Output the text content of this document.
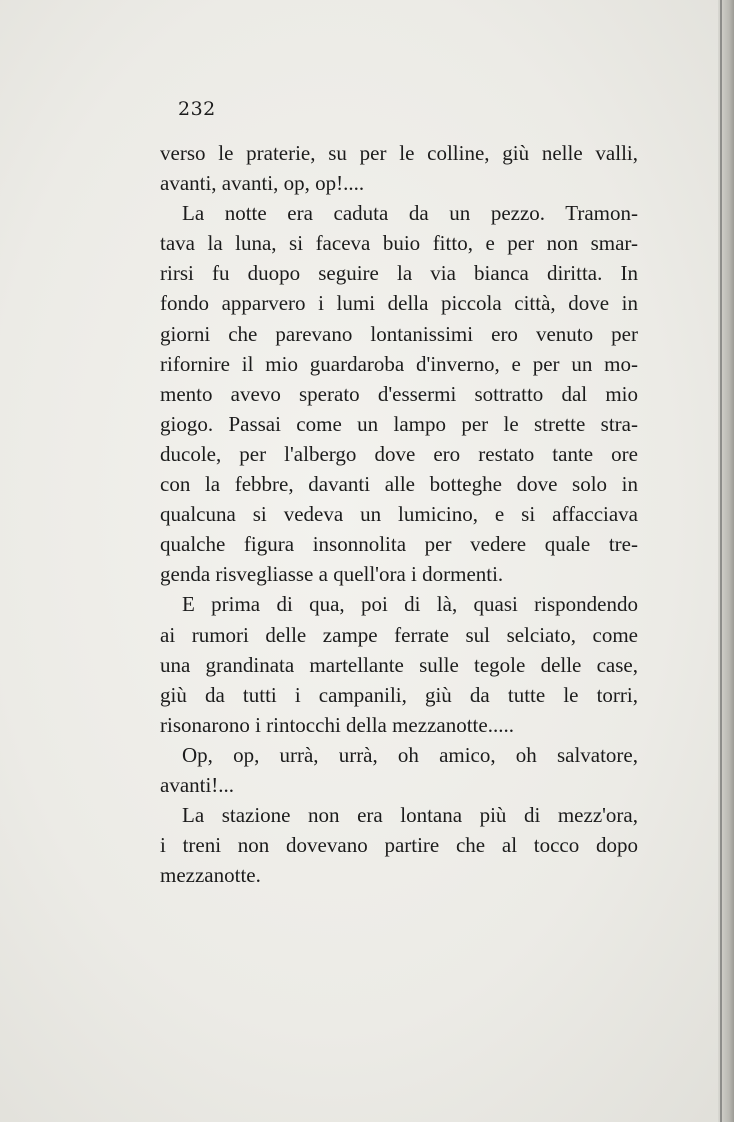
232
verso le praterie, su per le colline, giù nelle valli,
avanti, avanti, op, op!....
La notte era caduta da un pezzo. Tramon-
tava la luna, si faceva buio fitto, e per non smar-
rirsi fu duopo seguire la via bianca diritta. In
fondo apparvero i lumi della piccola città, dove in
giorni che parevano lontanissimi ero venuto per
rifornire il mio guardaroba d'inverno, e per un mo-
mento avevo sperato d'essermi sottratto dal mio
giogo. Passai come un lampo per le strette stra-
ducole, per l'albergo dove ero restato tante ore
con la febbre, davanti alle botteghe dove solo in
qualcuna si vedeva un lumicino, e si affacciava
qualche figura insonnolita per vedere quale tre-
genda risvegliasse a quell'ora i dormenti.
E prima di qua, poi di là, quasi rispondendo
ai rumori delle zampe ferrate sul selciato, come
una grandinata martellante sulle tegole delle case,
giù da tutti i campanili, giù da tutte le torri,
risonarono i rintocchi della mezzanotte.....
Op, op, urrà, urrà, oh amico, oh salvatore,
avanti!...
La stazione non era lontana più di mezz'ora,
i treni non dovevano partire che al tocco dopo
mezzanotte.
